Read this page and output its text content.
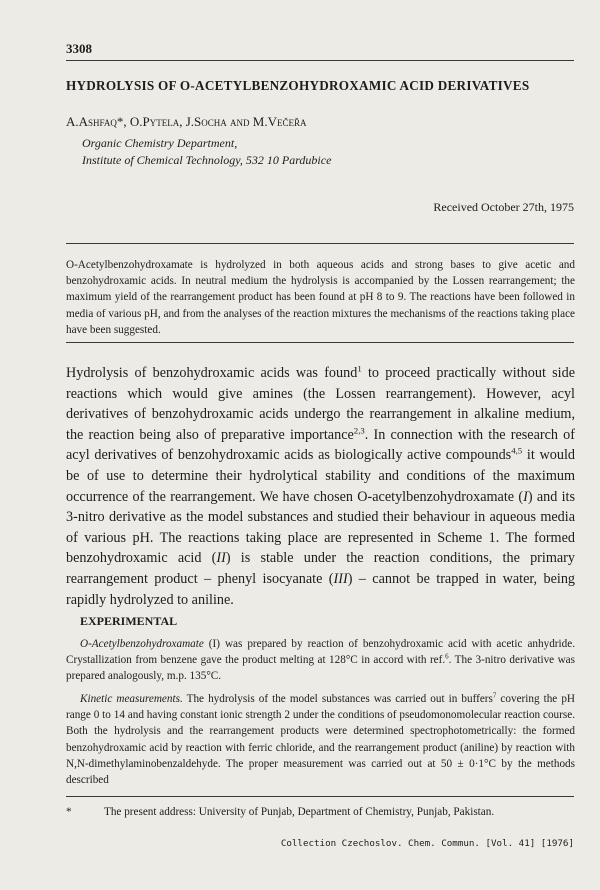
3308
HYDROLYSIS OF O-ACETYLBENZOHYDROXAMIC ACID DERIVATIVES
A.Ashfaq*, O.Pytela, J.Socha and M.Večeřa
Organic Chemistry Department,
Institute of Chemical Technology, 532 10 Pardubice
Received October 27th, 1975
O-Acetylbenzohydroxamate is hydrolyzed in both aqueous acids and strong bases to give acetic and benzohydroxamic acids. In neutral medium the hydrolysis is accompanied by the Lossen rearrangement; the maximum yield of the rearrangement product has been found at pH 8 to 9. The reactions have been followed in media of various pH, and from the analyses of the reaction mixtures the mechanisms of the reactions taking place have been suggested.
Hydrolysis of benzohydroxamic acids was found$^1$ to proceed practically without side reactions which would give amines (the Lossen rearrangement). However, acyl derivatives of benzohydroxamic acids undergo the rearrangement in alkaline medium, the reaction being also of preparative importance$^{2,3}$. In connection with the research of acyl derivatives of benzohydroxamic acids as biologically active compounds$^{4,5}$ it would be of use to determine their hydrolytical stability and conditions of the maximum occurrence of the rearrangement. We have chosen O-acetylbenzohydroxamate (I) and its 3-nitro derivative as the model substances and studied their behaviour in aqueous media of various pH. The reactions taking place are represented in Scheme 1. The formed benzohydroxamic acid (II) is stable under the reaction conditions, the primary rearrangement product – phenyl isocyanate (III) – cannot be trapped in water, being rapidly hydrolyzed to aniline.
EXPERIMENTAL
O-Acetylbenzohydroxamate (I) was prepared by reaction of benzohydroxamic acid with acetic anhydride. Crystallization from benzene gave the product melting at 128°C in accord with ref.$^6$. The 3-nitro derivative was prepared analogously, m.p. 135°C.
Kinetic measurements. The hydrolysis of the model substances was carried out in buffers$^7$ covering the pH range 0 to 14 and having constant ionic strength 2 under the conditions of pseudomonomolecular reaction course. Both the hydrolysis and the rearrangement products were determined spectrophotometrically: the formed benzohydroxamic acid by reaction with ferric chloride, and the rearrangement product (aniline) by reaction with N,N-dimethylaminobenzaldehyde. The proper measurement was carried out at 50 ± 0·1°C by the methods described
*	The present address: University of Punjab, Department of Chemistry, Punjab, Pakistan.
Collection Czechoslov. Chem. Commun. [Vol. 41] [1976]
